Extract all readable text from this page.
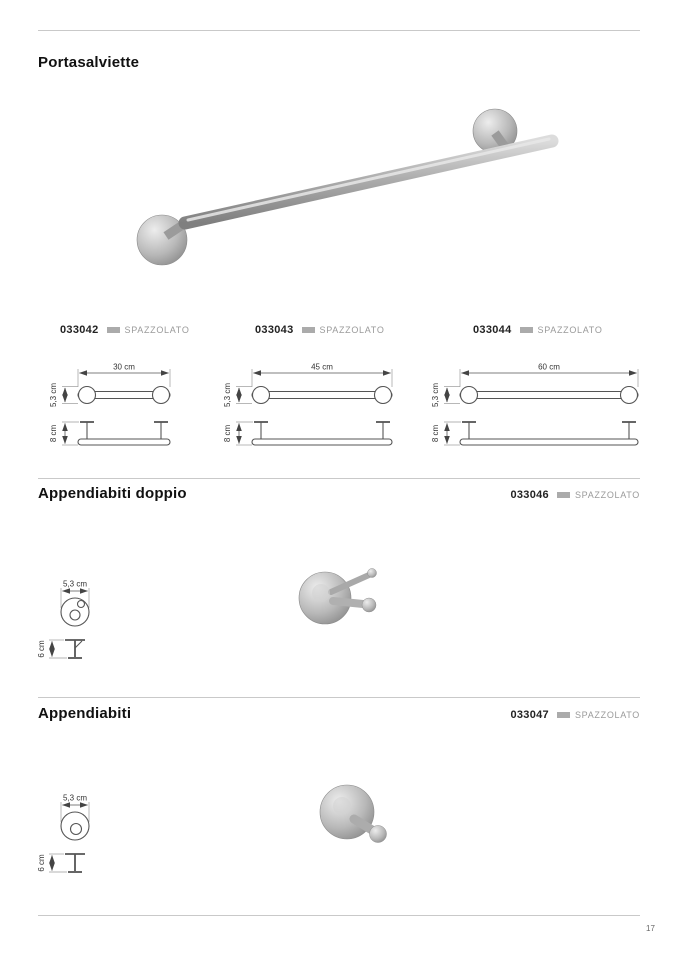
Portasalviette
033042	SPAZZOLATO	033043	SPAZZOLATO	033044	SPAZZOLATO
30 cm
5,3 cm
8 cm
45 cm
5,3 cm
8 cm
60 cm
5,3 cm
8 cm
Appendiabiti doppio	033046	SPAZZOLATO
5,3 cm
6 cm
Appendiabiti	033047	SPAZZOLATO
5,3 cm
6 cm
17
